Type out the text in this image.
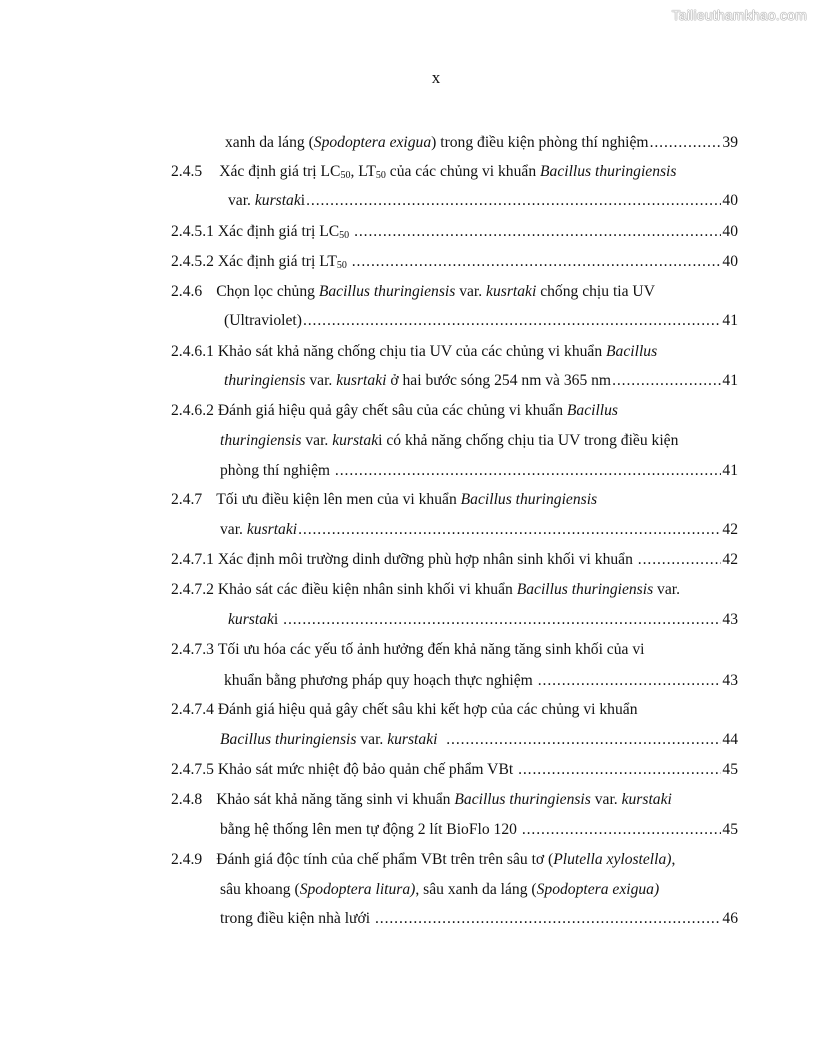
Tailieuthamkhao.com
x
xanh da láng (Spodoptera exigua) trong điều kiện phòng thí nghiệm .....	39
2.4.5 Xác định giá trị $LC_{50}$, $LT_{50}$ của các chủng vi khuẩn Bacillus thuringiensis
var. kurstaki .....	40
2.4.5.1 Xác định giá trị $LC_{50}$ .....	40
2.4.5.2 Xác định giá trị $LT_{50}$ .....	40
2.4.6 Chọn lọc chủng Bacillus thuringiensis var. kusrtaki chống chịu tia UV
(Ultraviolet) .....	41
2.4.6.1 Khảo sát khả năng chống chịu tia UV của các chủng vi khuẩn Bacillus
thuringiensis var. kusrtaki ở hai bước sóng 254 nm và 365 nm .....	41
2.4.6.2 Đánh giá hiệu quả gây chết sâu của các chủng vi khuẩn Bacillus
thuringiensis var. kurstaki có khả năng chống chịu tia UV trong điều kiện
phòng thí nghiệm .....	41
2.4.7 Tối ưu điều kiện lên men của vi khuẩn Bacillus thuringiensis
var. kusrtaki .....	42
2.4.7.1 Xác định môi trường dinh dưỡng phù hợp nhân sinh khối vi khuẩn .....	42
2.4.7.2 Khảo sát các điều kiện nhân sinh khối vi khuẩn Bacillus thuringiensis var.
kurstaki .....	43
2.4.7.3 Tối ưu hóa các yếu tố ảnh hưởng đến khả năng tăng sinh khối của vi
khuẩn bằng phương pháp quy hoạch thực nghiệm .....	43
2.4.7.4 Đánh giá hiệu quả gây chết sâu khi kết hợp của các chủng vi khuẩn
Bacillus thuringiensis var. kurstaki .....	44
2.4.7.5 Khảo sát mức nhiệt độ bảo quản chế phẩm VBt .....	45
2.4.8 Khảo sát khả năng tăng sinh vi khuẩn Bacillus thuringiensis var. kurstaki
bằng hệ thống lên men tự động 2 lít BioFlo 120 .....	45
2.4.9 Đánh giá độc tính của chế phẩm VBt trên trên sâu tơ (Plutella xylostella),
sâu khoang (Spodoptera litura), sâu xanh da láng (Spodoptera exigua)
trong điều kiện nhà lưới .....	46
